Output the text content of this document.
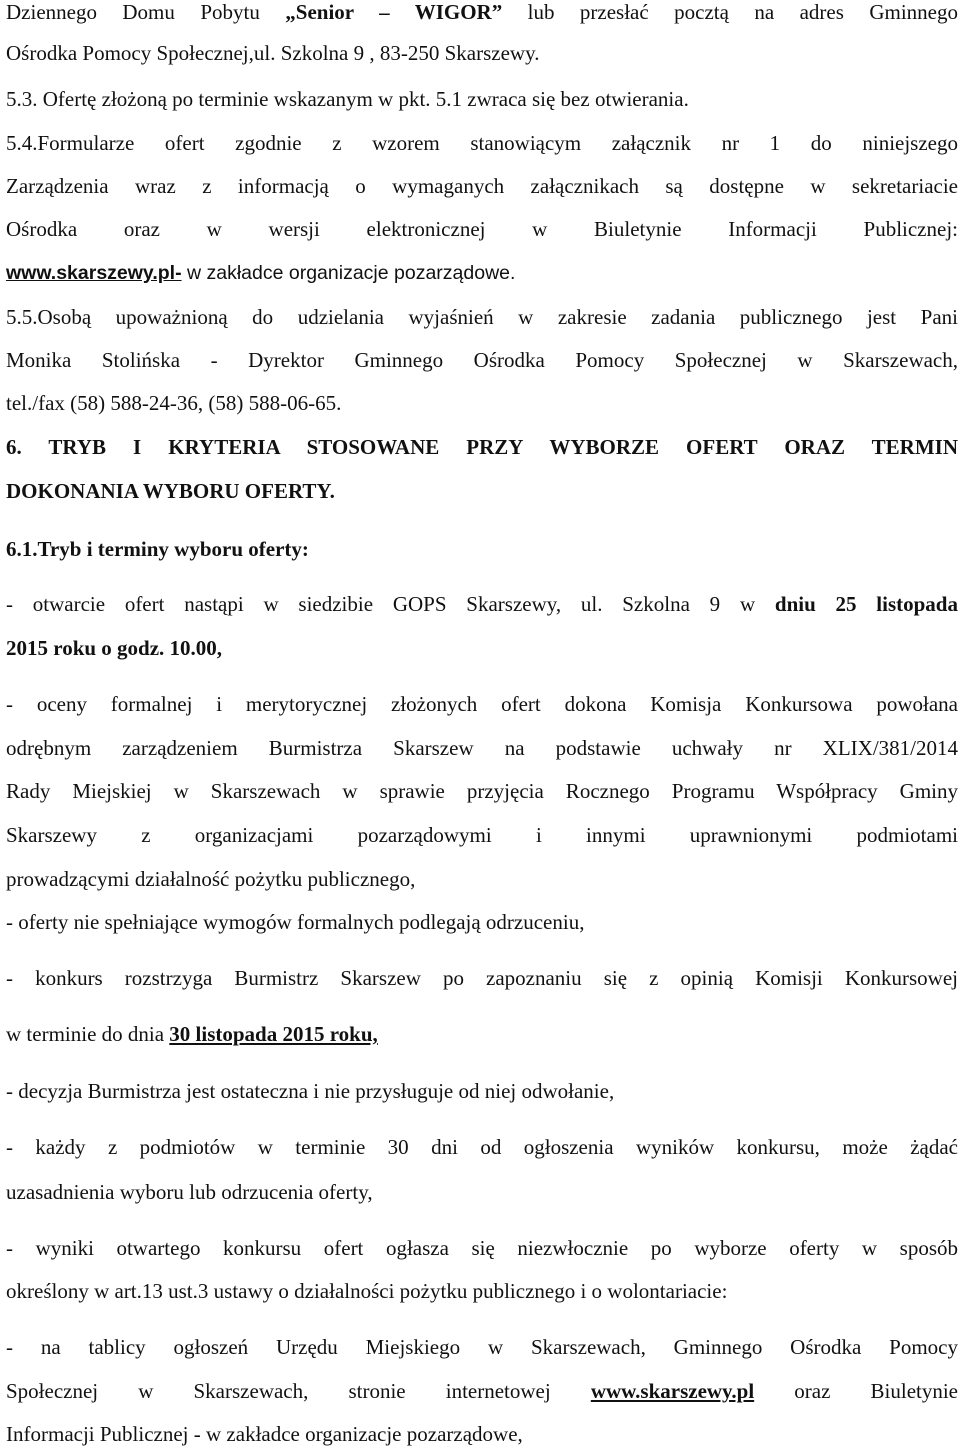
Dziennego Domu Pobytu „Senior – WIGOR” lub przesłać pocztą na adres Gminnego
Ośrodka Pomocy Społecznej,ul. Szkolna 9 , 83-250 Skarszewy.
5.3. Ofertę złożoną po terminie wskazanym w pkt. 5.1 zwraca się bez otwierania.
5.4.Formularze ofert zgodnie z wzorem stanowiącym załącznik nr 1 do niniejszego
Zarządzenia wraz z informacją o wymaganych załącznikach są dostępne w sekretariacie
Ośrodka oraz w wersji elektronicznej w Biuletynie Informacji Publicznej:
www.skarszewy.pl- w zakładce organizacje pozarządowe.
5.5.Osobą upoważnioną do udzielania wyjaśnień w zakresie zadania publicznego jest Pani
Monika Stolińska - Dyrektor Gminnego Ośrodka Pomocy Społecznej w Skarszewach,
tel./fax (58) 588-24-36, (58) 588-06-65.
6. TRYB I KRYTERIA STOSOWANE PRZY WYBORZE OFERT ORAZ TERMIN
DOKONANIA WYBORU OFERTY.
6.1.Tryb i terminy wyboru oferty:
- otwarcie ofert nastąpi w siedzibie GOPS Skarszewy, ul. Szkolna 9 w dniu 25 listopada
2015 roku o godz. 10.00,
- oceny formalnej i merytorycznej złożonych ofert dokona Komisja Konkursowa powołana
odrębnym zarządzeniem Burmistrza Skarszew na podstawie uchwały nr XLIX/381/2014
Rady Miejskiej w Skarszewach w sprawie przyjęcia Rocznego Programu Współpracy Gminy
Skarszewy z organizacjami pozarządowymi i innymi uprawnionymi podmiotami
prowadzącymi działalność pożytku publicznego,
- oferty nie spełniające wymogów formalnych podlegają odrzuceniu,
- konkurs rozstrzyga Burmistrz Skarszew po zapoznaniu się z opinią Komisji Konkursowej
w terminie do dnia 30 listopada 2015 roku,
- decyzja Burmistrza jest ostateczna i nie przysługuje od niej odwołanie,
- każdy z podmiotów w terminie 30 dni od ogłoszenia wyników konkursu, może żądać
uzasadnienia wyboru lub odrzucenia oferty,
- wyniki otwartego konkursu ofert ogłasza się niezwłocznie po wyborze oferty w sposób
określony w art.13 ust.3 ustawy o działalności pożytku publicznego i o wolontariacie:
- na tablicy ogłoszeń Urzędu Miejskiego w Skarszewach, Gminnego Ośrodka Pomocy
Społecznej w Skarszewach, stronie internetowej www.skarszewy.pl oraz Biuletynie
Informacji Publicznej - w zakładce organizacje pozarządowe,
